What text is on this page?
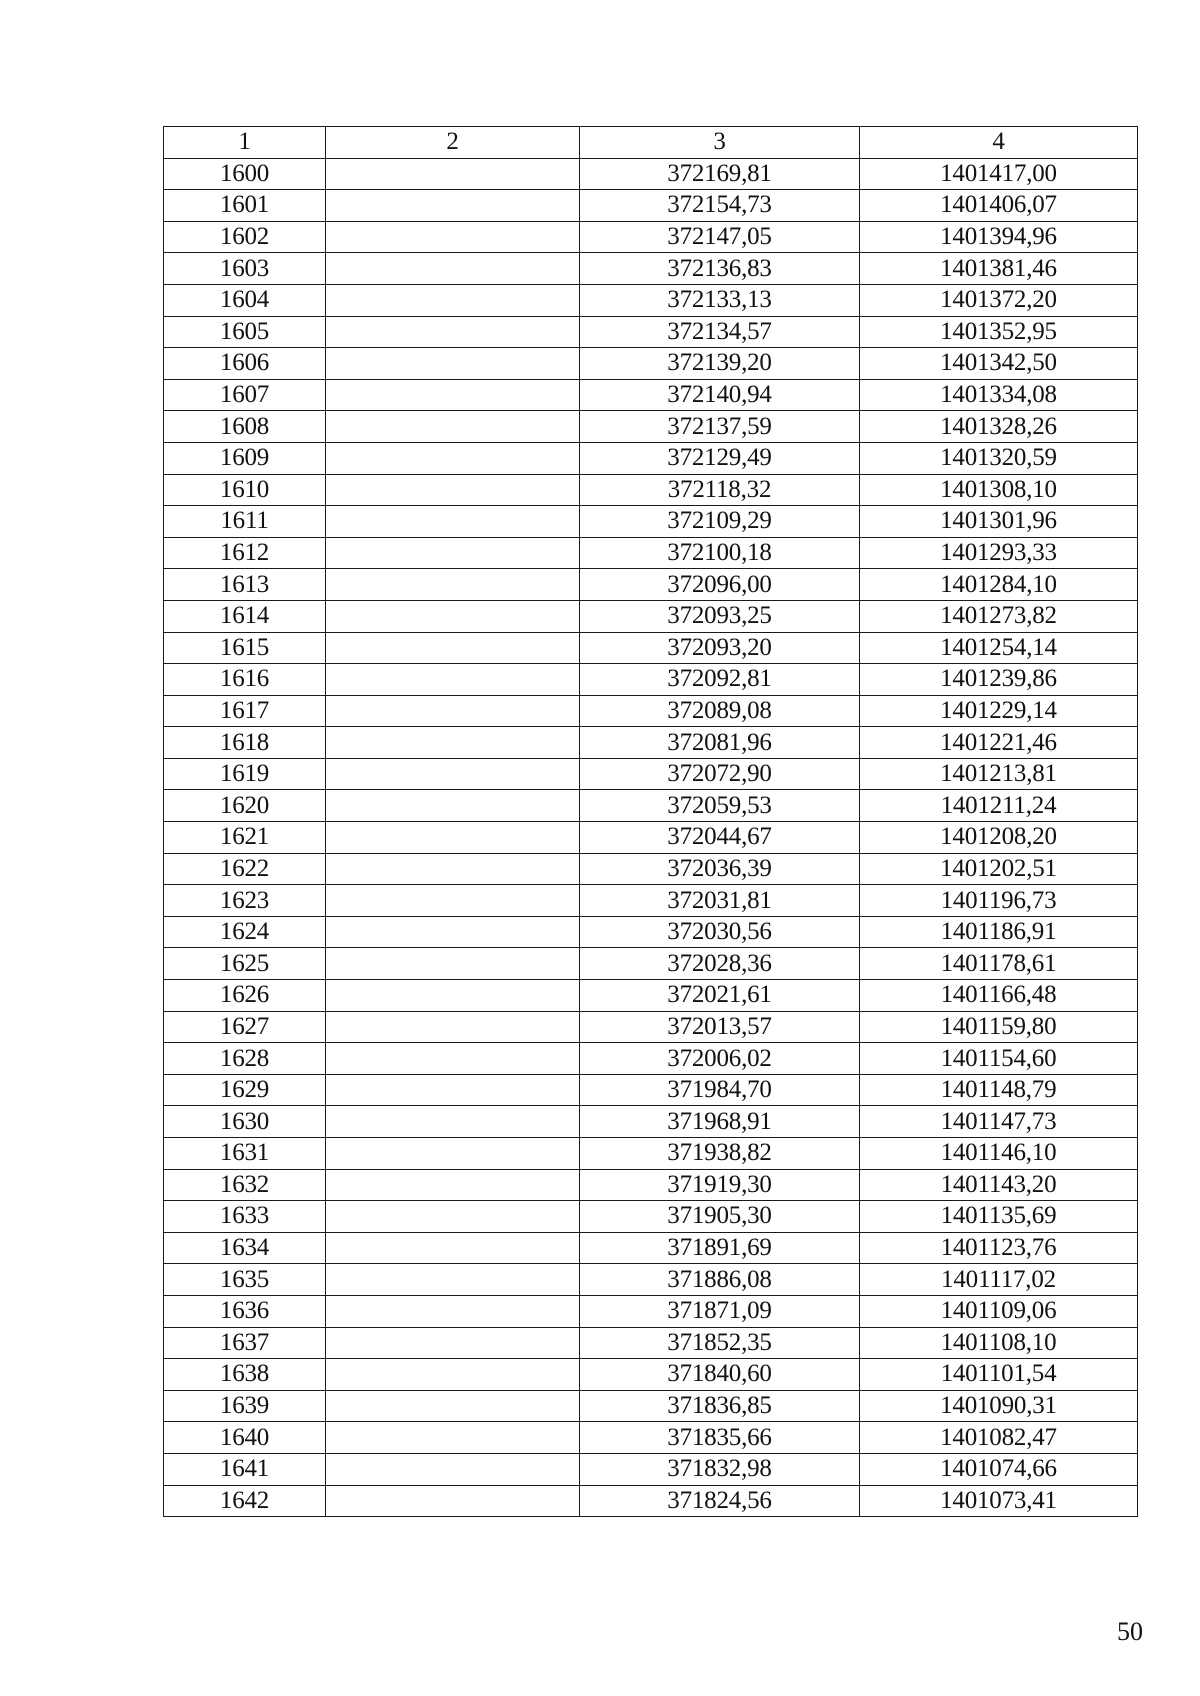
1	2	3	4
1600		372169,81	1401417,00
1601		372154,73	1401406,07
1602		372147,05	1401394,96
1603		372136,83	1401381,46
1604		372133,13	1401372,20
1605		372134,57	1401352,95
1606		372139,20	1401342,50
1607		372140,94	1401334,08
1608		372137,59	1401328,26
1609		372129,49	1401320,59
1610		372118,32	1401308,10
1611		372109,29	1401301,96
1612		372100,18	1401293,33
1613		372096,00	1401284,10
1614		372093,25	1401273,82
1615		372093,20	1401254,14
1616		372092,81	1401239,86
1617		372089,08	1401229,14
1618		372081,96	1401221,46
1619		372072,90	1401213,81
1620		372059,53	1401211,24
1621		372044,67	1401208,20
1622		372036,39	1401202,51
1623		372031,81	1401196,73
1624		372030,56	1401186,91
1625		372028,36	1401178,61
1626		372021,61	1401166,48
1627		372013,57	1401159,80
1628		372006,02	1401154,60
1629		371984,70	1401148,79
1630		371968,91	1401147,73
1631		371938,82	1401146,10
1632		371919,30	1401143,20
1633		371905,30	1401135,69
1634		371891,69	1401123,76
1635		371886,08	1401117,02
1636		371871,09	1401109,06
1637		371852,35	1401108,10
1638		371840,60	1401101,54
1639		371836,85	1401090,31
1640		371835,66	1401082,47
1641		371832,98	1401074,66
1642		371824,56	1401073,41
50
